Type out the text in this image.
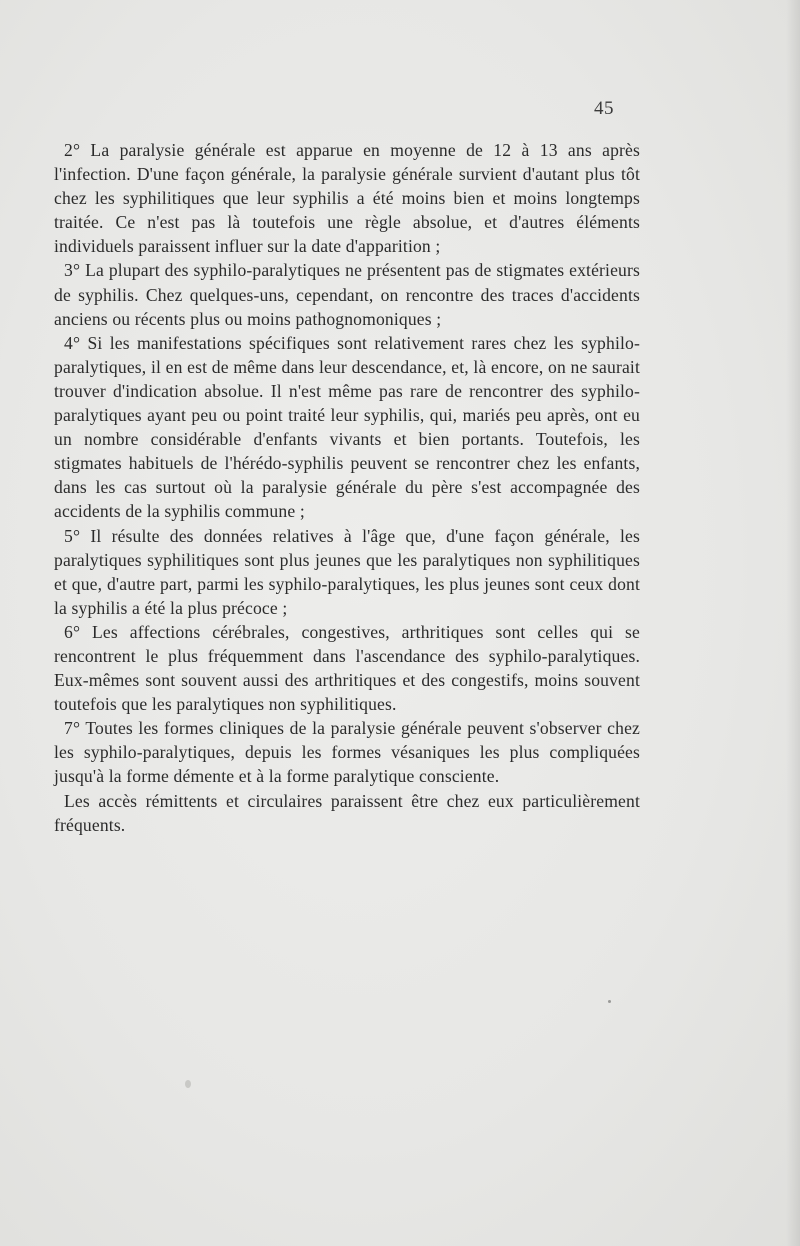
45

2° La paralysie générale est apparue en moyenne de 12 à 13 ans après l'infection. D'une façon générale, la paralysie générale survient d'autant plus tôt chez les syphilitiques que leur syphilis a été moins bien et moins longtemps traitée. Ce n'est pas là toutefois une règle absolue, et d'autres éléments individuels paraissent influer sur la date d'apparition ;

3° La plupart des syphilo-paralytiques ne présentent pas de stigmates extérieurs de syphilis. Chez quelques-uns, cependant, on rencontre des traces d'accidents anciens ou récents plus ou moins pathognomoniques ;

4° Si les manifestations spécifiques sont relativement rares chez les syphilo-paralytiques, il en est de même dans leur descendance, et, là encore, on ne saurait trouver d'indication absolue. Il n'est même pas rare de rencontrer des syphilo-paralytiques ayant peu ou point traité leur syphilis, qui, mariés peu après, ont eu un nombre considérable d'enfants vivants et bien portants. Toutefois, les stigmates habituels de l'hérédo-syphilis peuvent se rencontrer chez les enfants, dans les cas surtout où la paralysie générale du père s'est accompagnée des accidents de la syphilis commune ;

5° Il résulte des données relatives à l'âge que, d'une façon générale, les paralytiques syphilitiques sont plus jeunes que les paralytiques non syphilitiques et que, d'autre part, parmi les syphilo-paralytiques, les plus jeunes sont ceux dont la syphilis a été la plus précoce ;

6° Les affections cérébrales, congestives, arthritiques sont celles qui se rencontrent le plus fréquemment dans l'ascendance des syphilo-paralytiques. Eux-mêmes sont souvent aussi des arthritiques et des congestifs, moins souvent toutefois que les paralytiques non syphilitiques.

7° Toutes les formes cliniques de la paralysie générale peuvent s'observer chez les syphilo-paralytiques, depuis les formes vésaniques les plus compliquées jusqu'à la forme démente et à la forme paralytique consciente.

Les accès rémittents et circulaires paraissent être chez eux particulièrement fréquents.
